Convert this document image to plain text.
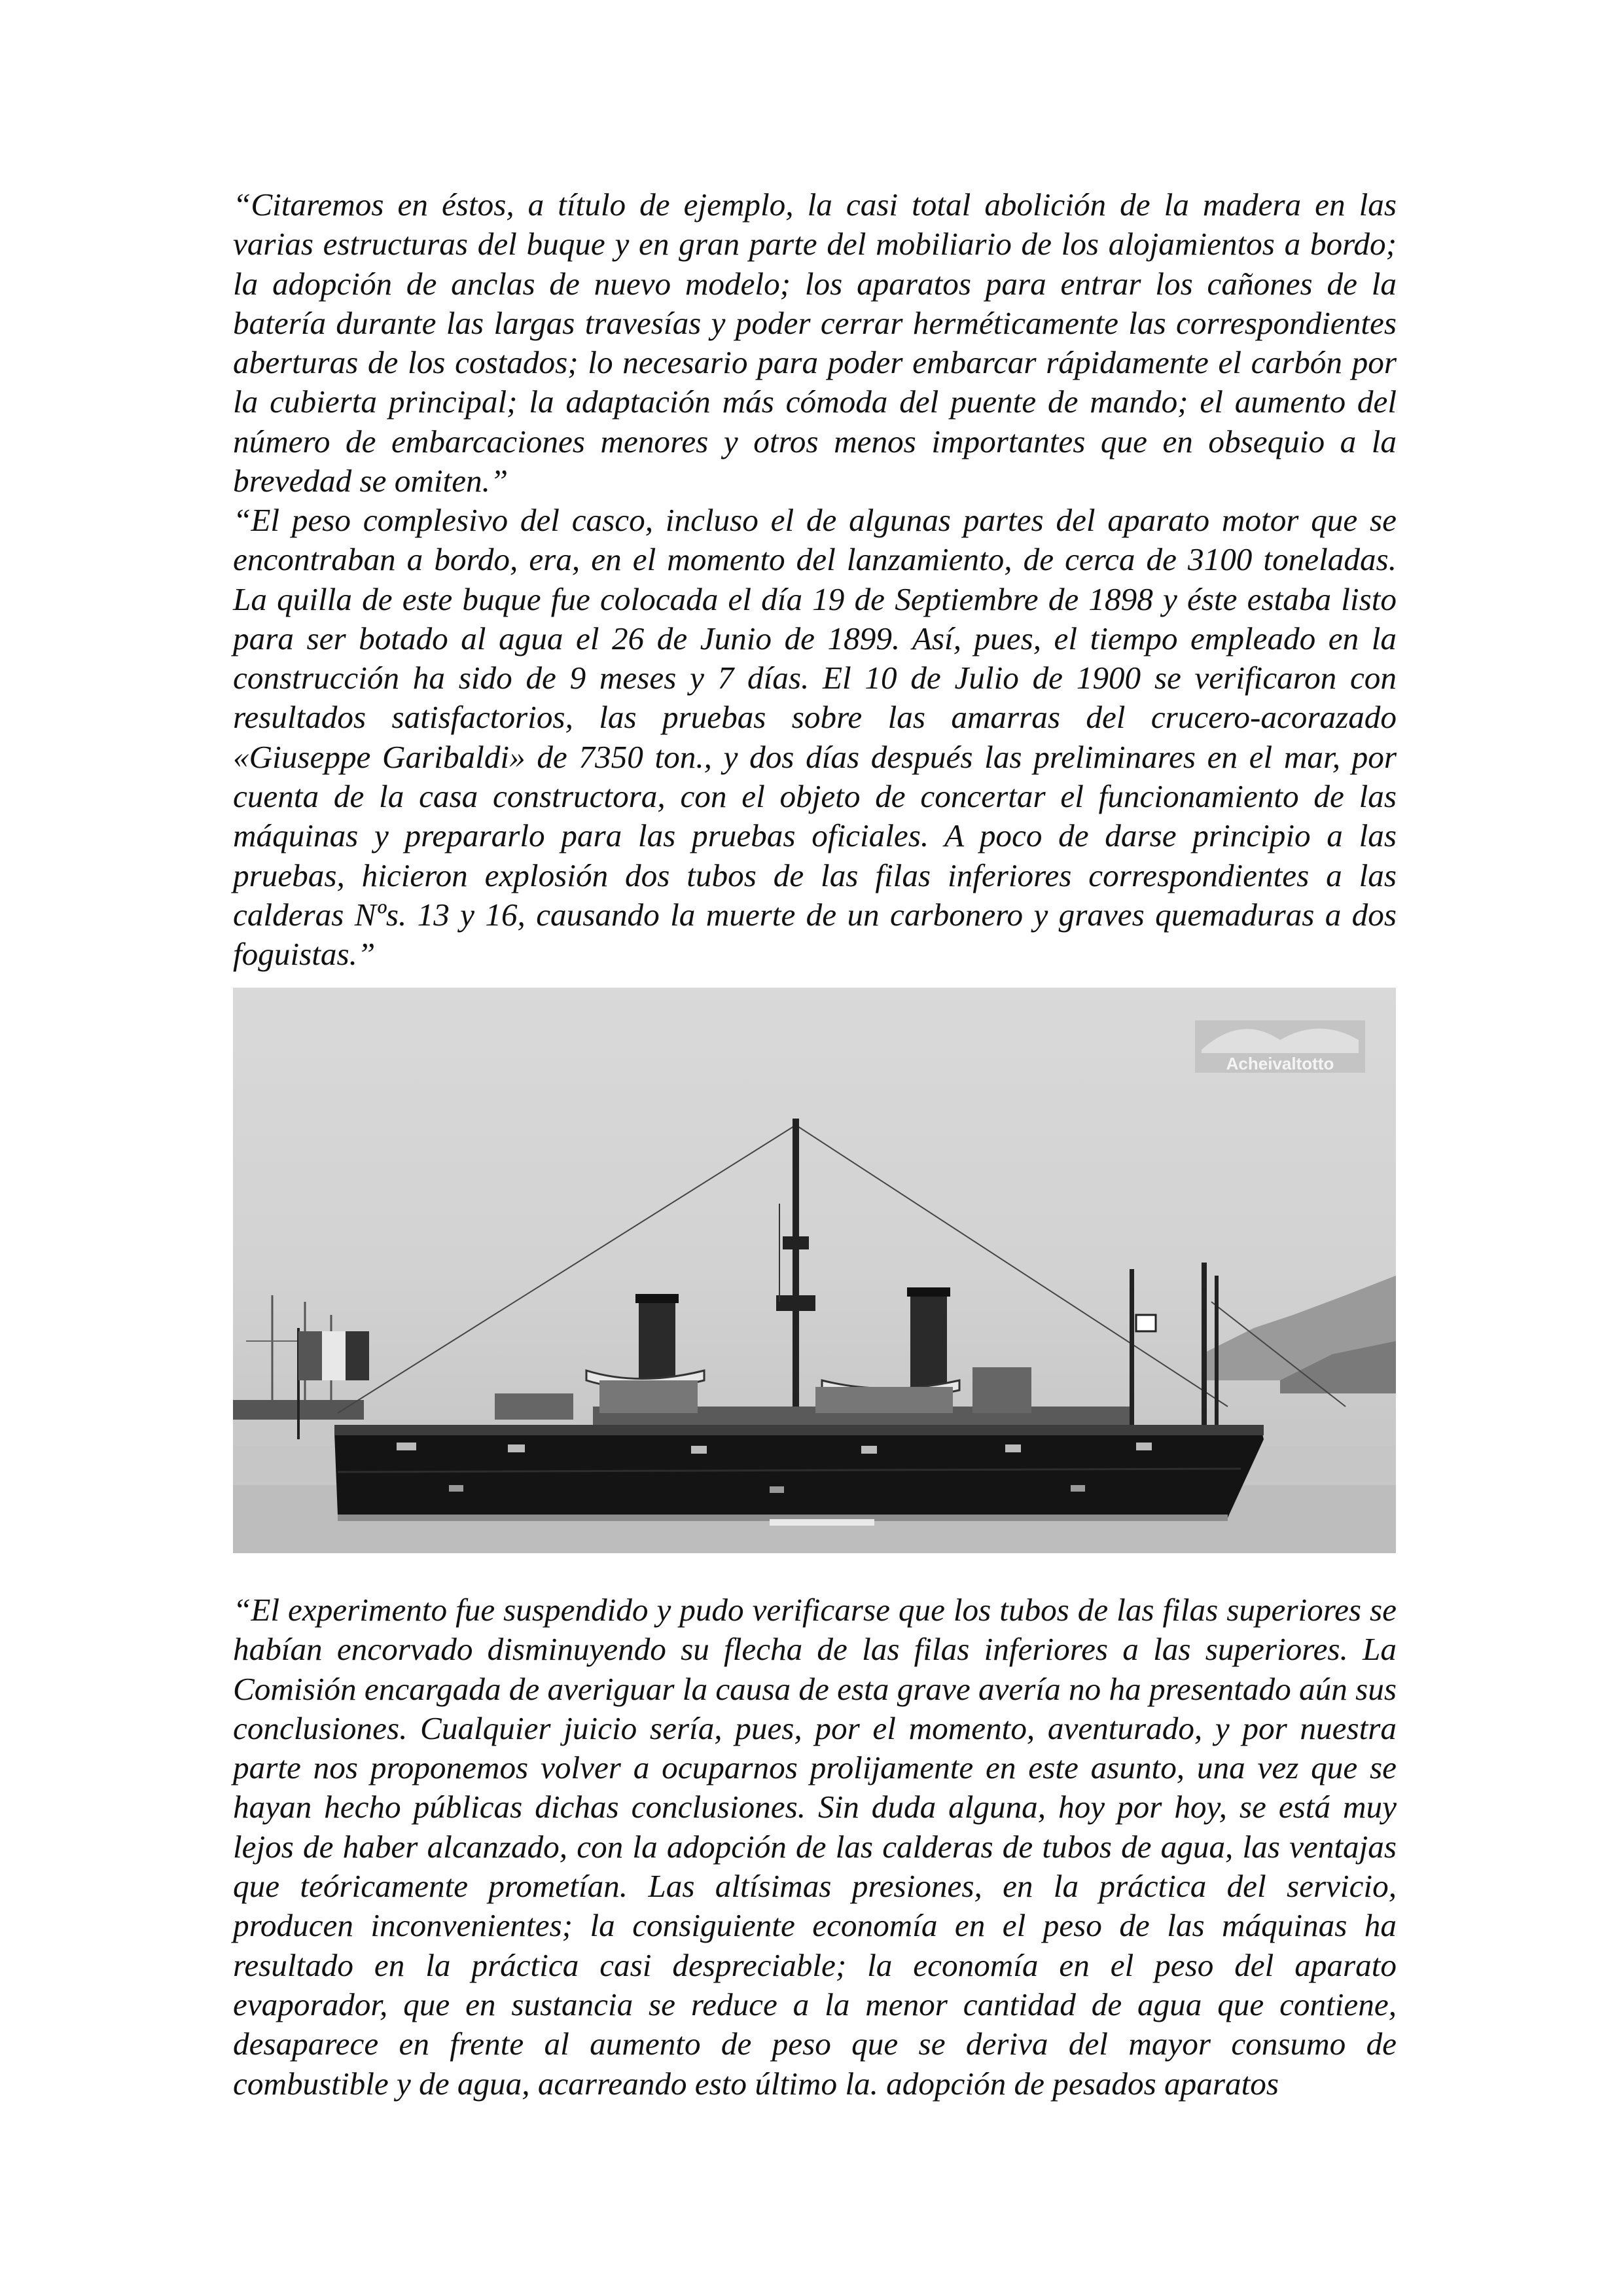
“Citaremos en éstos, a título de ejemplo, la casi total abolición de la madera en las varias estructuras del buque y en gran parte del mobiliario de los alojamientos a bordo; la adopción de anclas de nuevo modelo; los aparatos para entrar los cañones de la batería durante las largas travesías y poder cerrar herméticamente las correspondientes aberturas de los costados; lo necesario para poder embarcar rápidamente el carbón por la cubierta principal; la adaptación más cómoda del puente de mando; el aumento del número de embarcaciones menores y otros menos importantes que en obsequio a la brevedad se omiten.”

“El peso complesivo del casco, incluso el de algunas partes del aparato motor que se encontraban a bordo, era, en el momento del lanzamiento, de cerca de 3100 toneladas. La quilla de este buque fue colocada el día 19 de Septiembre de 1898 y éste estaba listo para ser botado al agua el 26 de Junio de 1899. Así, pues, el tiempo empleado en la construcción ha sido de 9 meses y 7 días. El 10 de Julio de 1900 se verificaron con resultados satisfactorios, las pruebas sobre las amarras del crucero-acorazado «Giuseppe Garibaldi» de 7350 ton., y dos días después las preliminares en el mar, por cuenta de la casa constructora, con el objeto de concertar el funcionamiento de las máquinas y prepararlo para las pruebas oficiales. A poco de darse principio a las pruebas, hicieron explosión dos tubos de las filas inferiores correspondientes a las calderas Nºs. 13 y 16, causando la muerte de un carbonero y graves quemaduras a dos foguistas.”

Acheivaltotto

“El experimento fue suspendido y pudo verificarse que los tubos de las filas superiores se habían encorvado disminuyendo su flecha de las filas inferiores a las superiores. La Comisión encargada de averiguar la causa de esta grave avería no ha presentado aún sus conclusiones. Cualquier juicio sería, pues, por el momento, aventurado, y por nuestra parte nos proponemos volver a ocuparnos prolijamente en este asunto, una vez que se hayan hecho públicas dichas conclusiones. Sin duda alguna, hoy por hoy, se está muy lejos de haber alcanzado, con la adopción de las calderas de tubos de agua, las ventajas que teóricamente prometían. Las altísimas presiones, en la práctica del servicio, producen inconvenientes; la consiguiente economía en el peso de las máquinas ha resultado en la práctica casi despreciable; la economía en el peso del aparato evaporador, que en sustancia se reduce a la menor cantidad de agua que contiene, desaparece en frente al aumento de peso que se deriva del mayor consumo de combustible y de agua, acarreando esto último la. adopción de pesados aparatos
